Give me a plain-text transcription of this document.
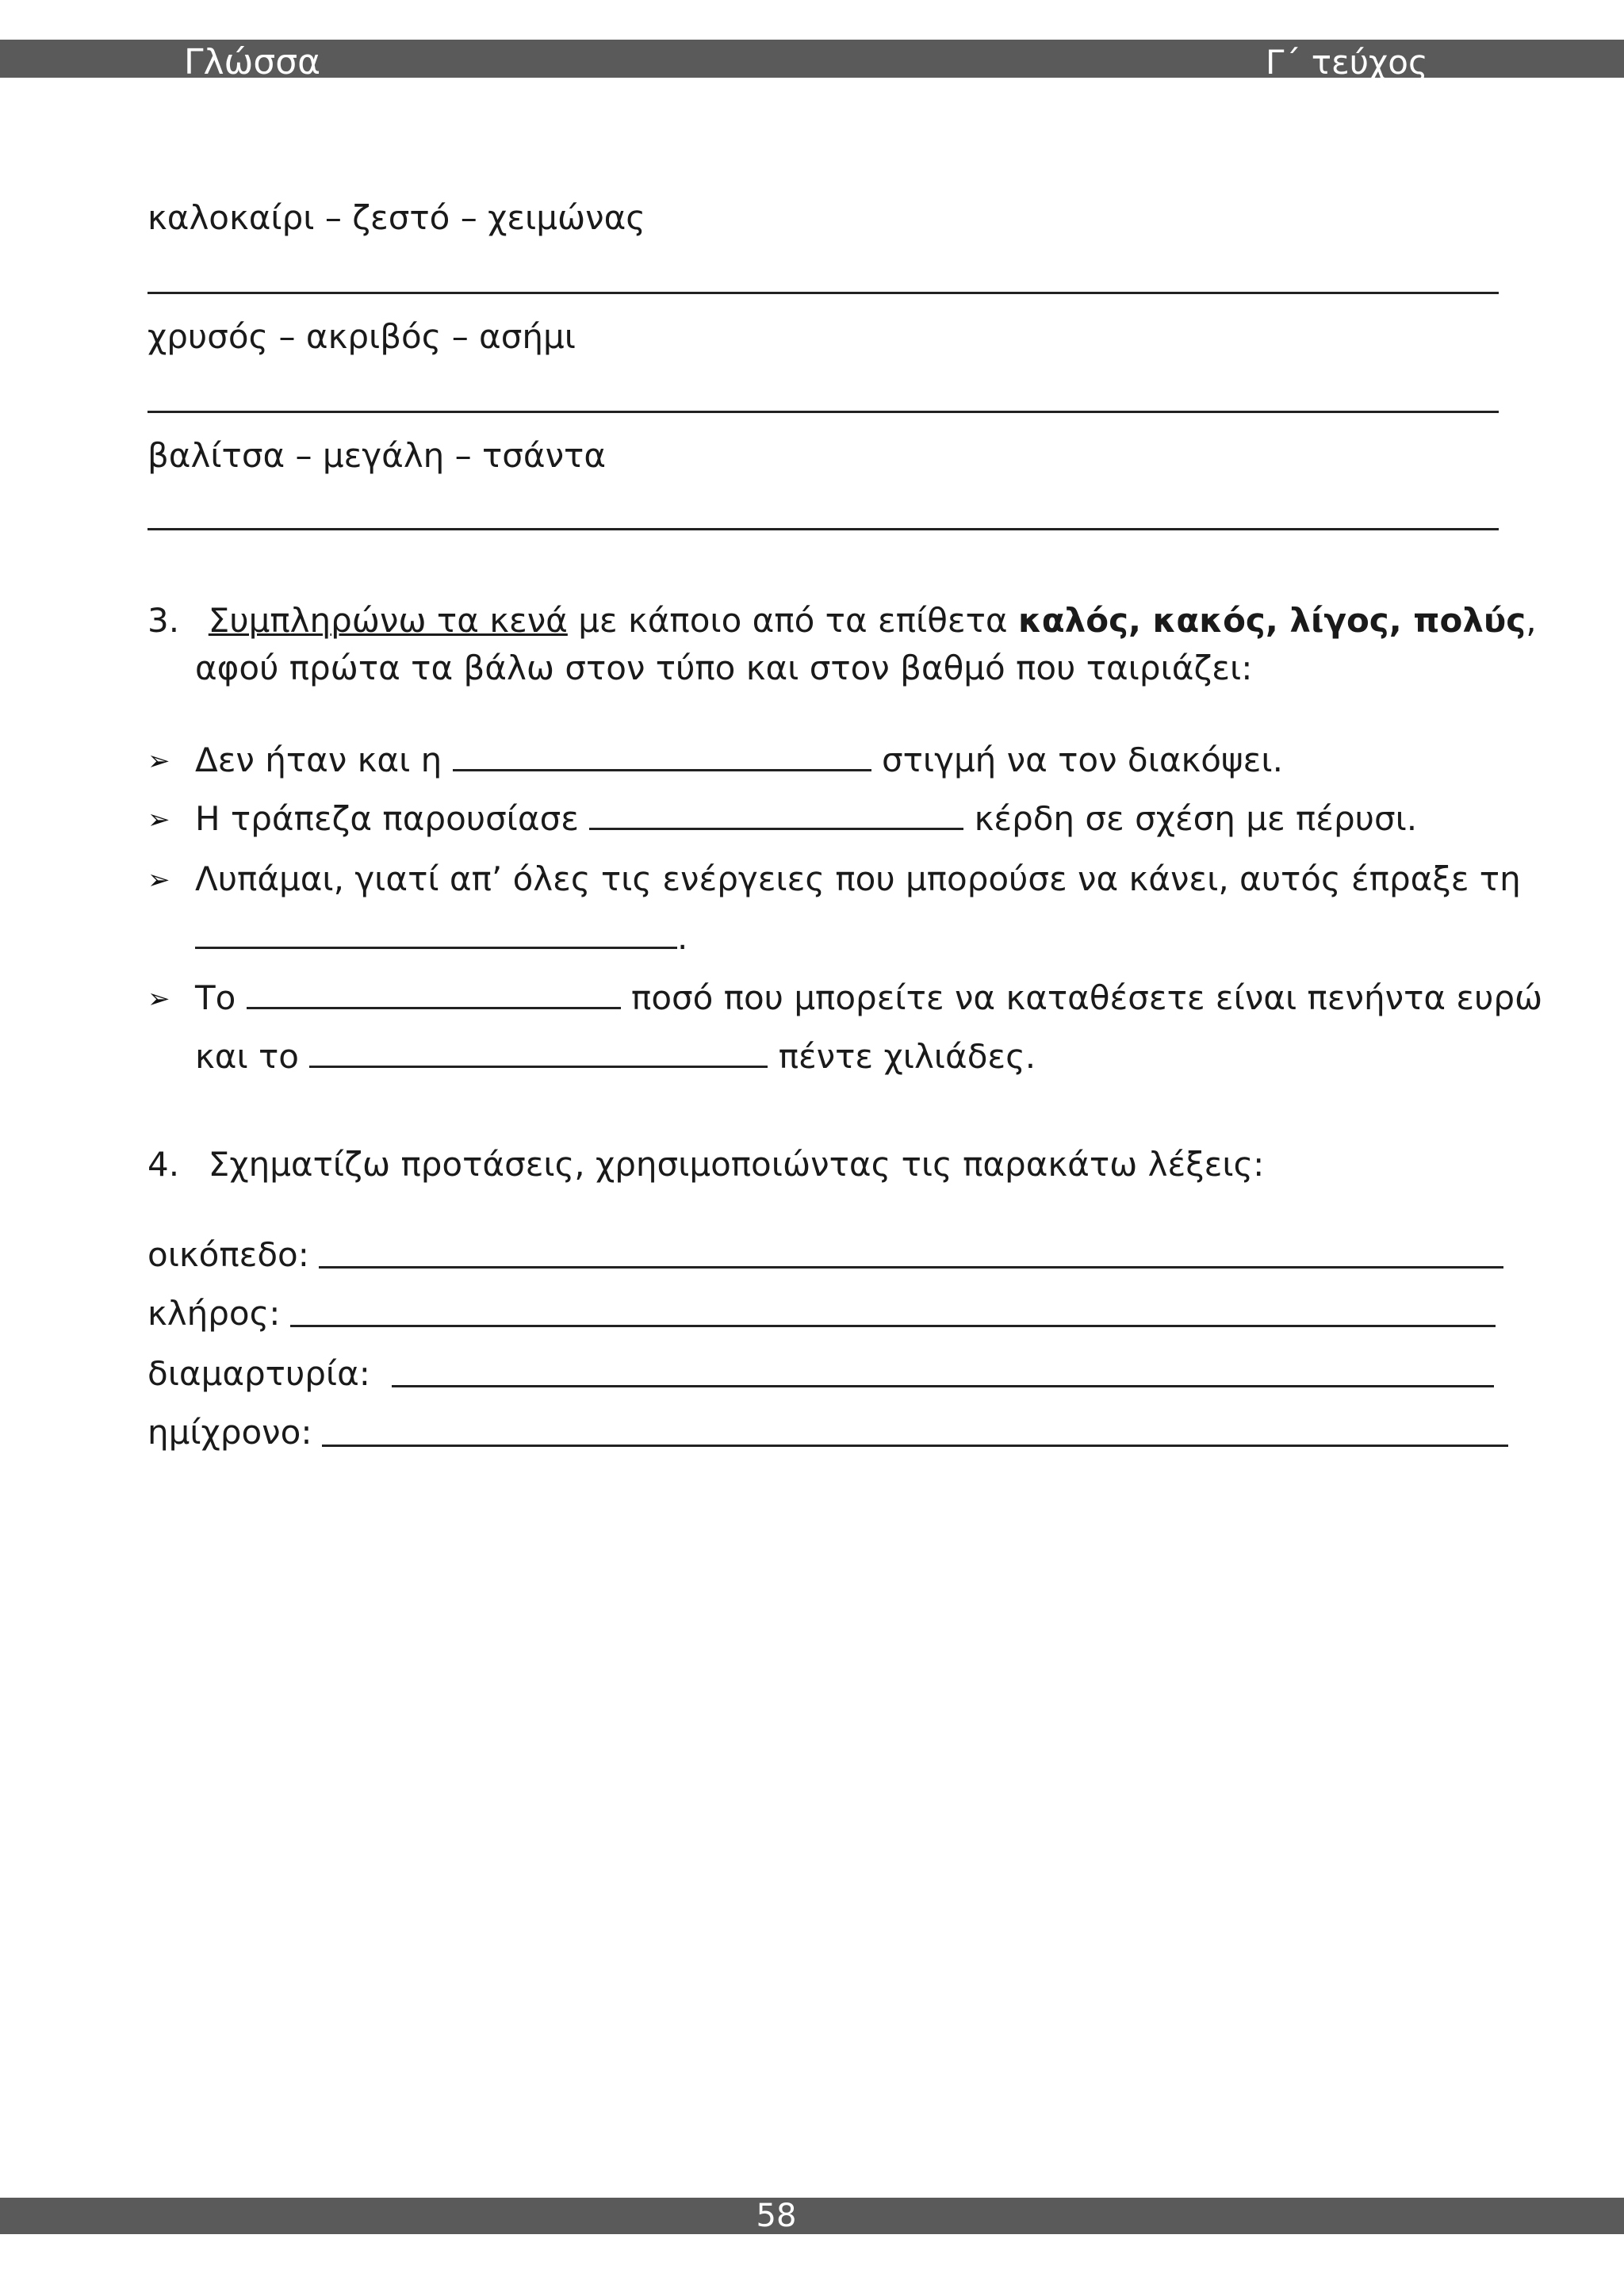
Γλώσσα	Γ΄ τεύχος
καλοκαίρι – ζεστό – χειμώνας
χρυσός – ακριβός – ασήμι
βαλίτσα – μεγάλη – τσάντα
3. Συμπληρώνω τα κενά με κάποιο από τα επίθετα καλός, κακός, λίγος, πολύς,
αφού πρώτα τα βάλω στον τύπο και στον βαθμό που ταιριάζει:
➢ Δεν ήταν και η	στιγμή να τον διακόψει.
➢ Η τράπεζα παρουσίασε	κέρδη σε σχέση με πέρυσι.
➢ Λυπάμαι, γιατί απ’ όλες τις ενέργειες που μπορούσε να κάνει, αυτός έπραξε τη
.
➢ Το	ποσό που μπορείτε να καταθέσετε είναι πενήντα ευρώ
και το	πέντε χιλιάδες.
4. Σχηματίζω προτάσεις, χρησιμοποιώντας τις παρακάτω λέξεις:
οικόπεδο:
κλήρος:
διαμαρτυρία:
ημίχρονο:
58
